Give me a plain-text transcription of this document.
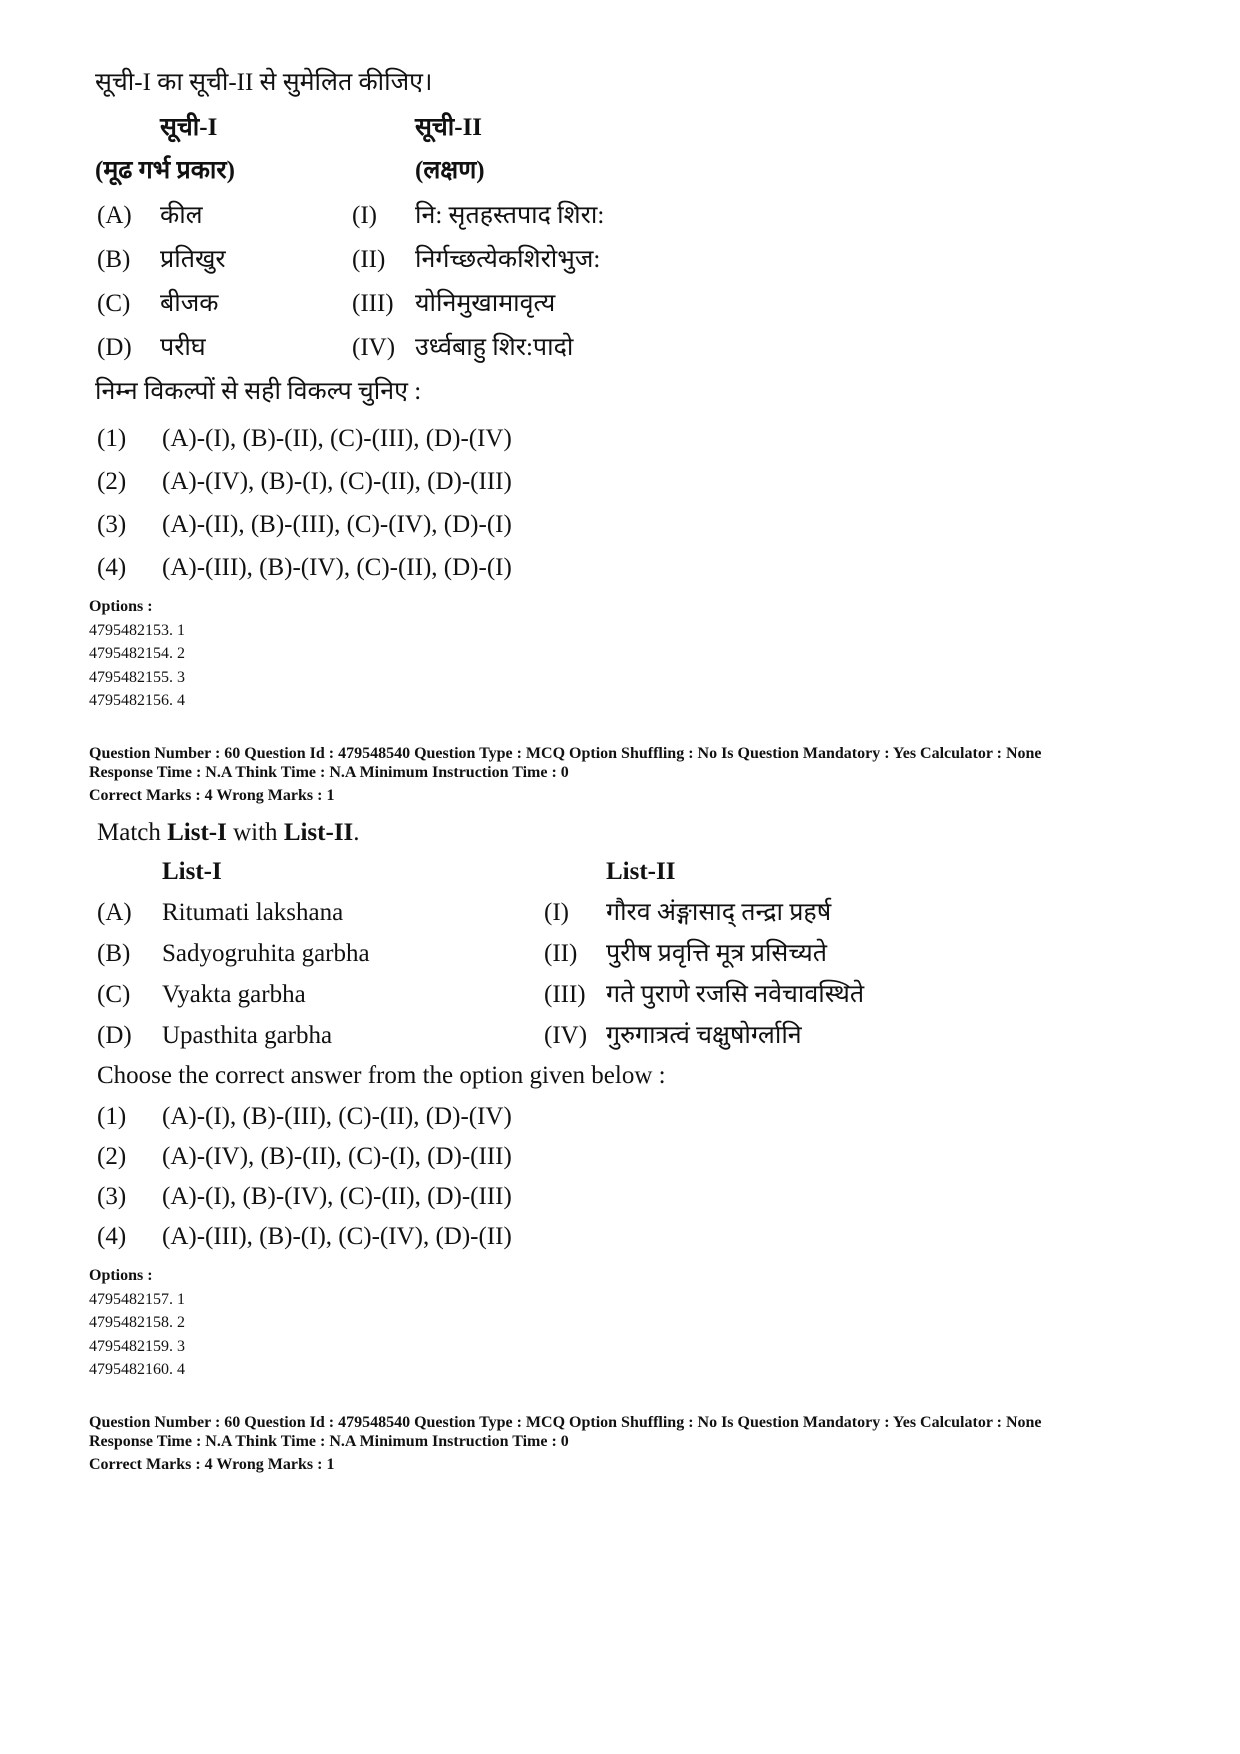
सूची-I का सूची-II से सुमेलित कीजिए।
सूची-I	सूची-II
(मूढ गर्भ प्रकार)	(लक्षण)
(A) कील	(I) नि: सृतहस्तपाद शिरा:
(B) प्रतिखुर	(II) निर्गच्छत्येकशिरोभुज:
(C) बीजक	(III) योनिमुखामावृत्य
(D) परीघ	(IV) उर्ध्वबाहु शिर:पादो
निम्न विकल्पों से सही विकल्प चुनिए :
(1) (A)-(I), (B)-(II), (C)-(III), (D)-(IV)
(2) (A)-(IV), (B)-(I), (C)-(II), (D)-(III)
(3) (A)-(II), (B)-(III), (C)-(IV), (D)-(I)
(4) (A)-(III), (B)-(IV), (C)-(II), (D)-(I)
Options :
4795482153. 1
4795482154. 2
4795482155. 3
4795482156. 4
Question Number : 60 Question Id : 479548540 Question Type : MCQ Option Shuffling : No Is Question Mandatory : Yes Calculator : None
Response Time : N.A Think Time : N.A Minimum Instruction Time : 0
Correct Marks : 4 Wrong Marks : 1
Match List-I with List-II.
List-I	List-II
(A) Ritumati lakshana	(I) गौरव अंङ्गासाद् तन्द्रा प्रहर्ष
(B) Sadyogruhita garbha	(II) पुरीष प्रवृत्ति मूत्र प्रसिच्यते
(C) Vyakta garbha	(III) गते पुराणे रजसि नवेचावस्थिते
(D) Upasthita garbha	(IV) गुरुगात्रत्वं चक्षुषोर्ग्लानि
Choose the correct answer from the option given below :
(1) (A)-(I), (B)-(III), (C)-(II), (D)-(IV)
(2) (A)-(IV), (B)-(II), (C)-(I), (D)-(III)
(3) (A)-(I), (B)-(IV), (C)-(II), (D)-(III)
(4) (A)-(III), (B)-(I), (C)-(IV), (D)-(II)
Options :
4795482157. 1
4795482158. 2
4795482159. 3
4795482160. 4
Question Number : 60 Question Id : 479548540 Question Type : MCQ Option Shuffling : No Is Question Mandatory : Yes Calculator : None
Response Time : N.A Think Time : N.A Minimum Instruction Time : 0
Correct Marks : 4 Wrong Marks : 1
